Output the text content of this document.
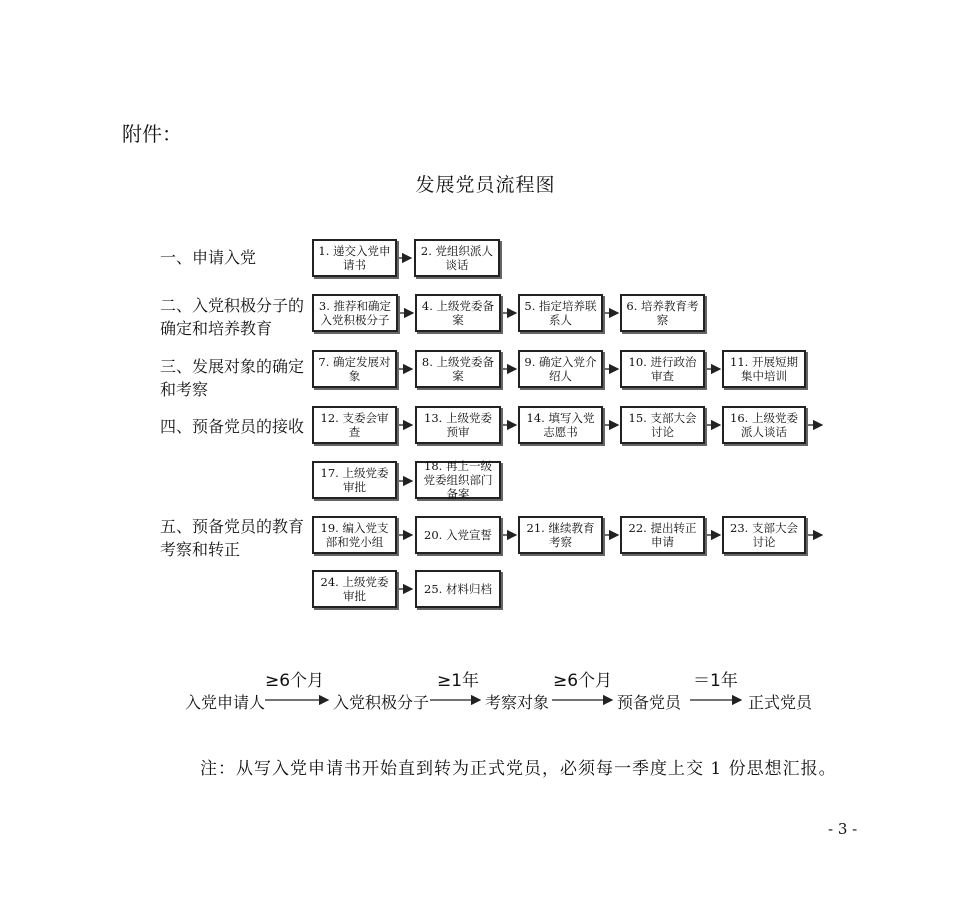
附件：
发展党员流程图
一、申请入党
二、入党积极分子的确定和培养教育
三、发展对象的确定和考察
四、预备党员的接收
五、预备党员的教育考察和转正
1. 递交入党申请书
2. 党组织派人谈话
3. 推荐和确定入党积极分子
4. 上级党委备案
5. 指定培养联系人
6. 培养教育考察
7. 确定发展对象
8. 上级党委备案
9. 确定入党介绍人
10. 进行政治审查
11. 开展短期集中培训
12. 支委会审查
13. 上级党委预审
14. 填写入党志愿书
15. 支部大会讨论
16. 上级党委派人谈话
17. 上级党委审批
18. 再上一级党委组织部门备案
19. 编入党支部和党小组	20. 入党宣誓	21. 继续教育考察
22. 提出转正申请
23. 支部大会讨论
24. 上级党委审批	25. 材料归档
入党申请人	入党积极分子	考察对象	预备党员	正式党员
≥6个月	≥1年	≥6个月	＝1年
注：从写入党申请书开始直到转为正式党员，必须每一季度上交 1 份思想汇报。
- 3 -
